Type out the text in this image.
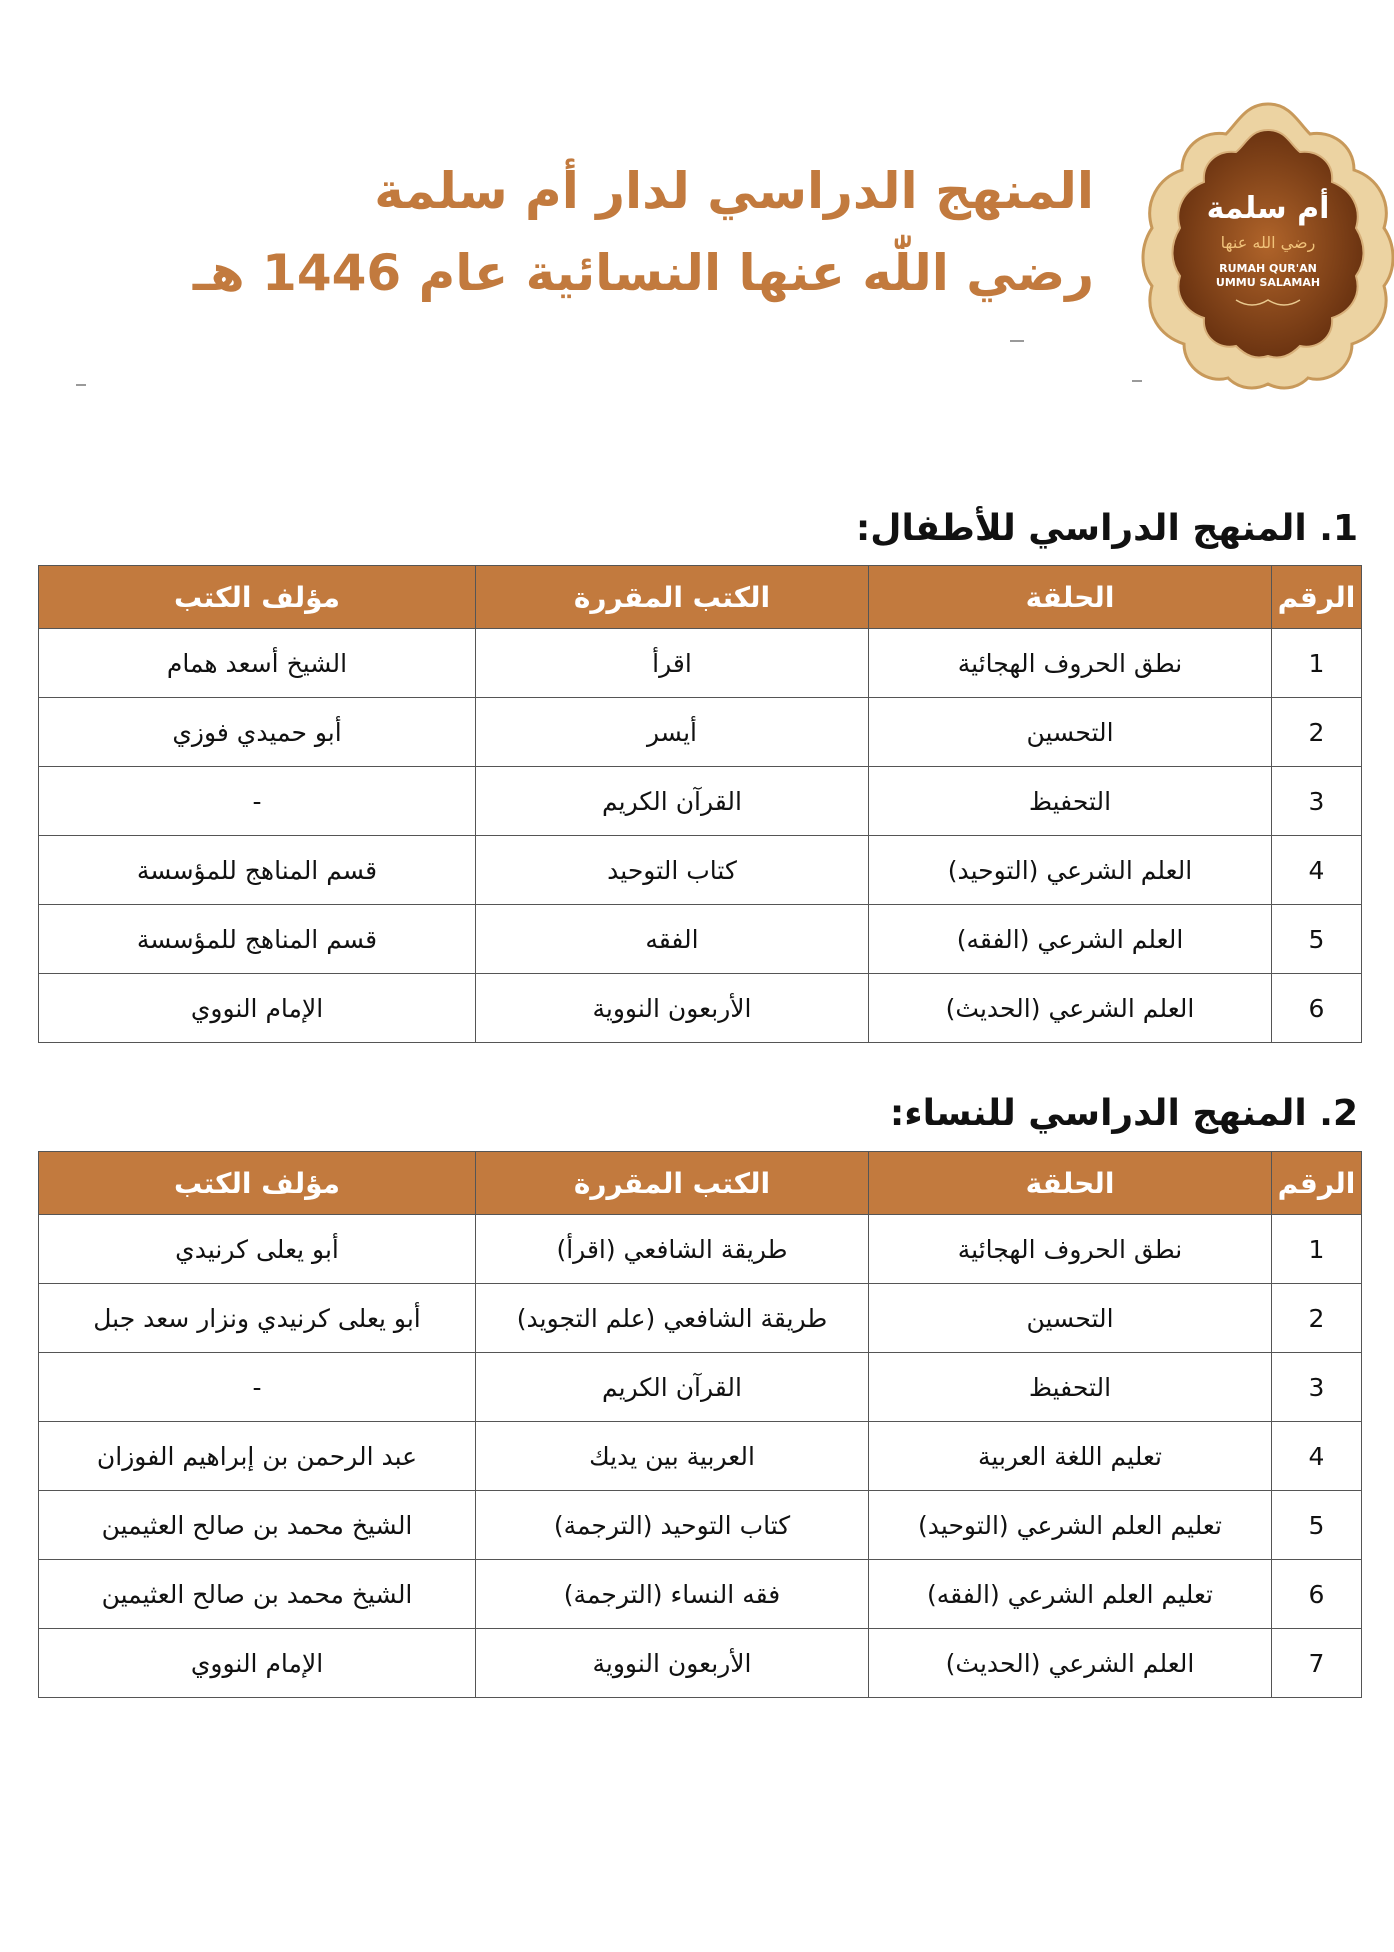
أم سلمة
رضي الله عنها
RUMAH QUR'AN
UMMU SALAMAH
المنهج الدراسي لدار أم سلمة
رضي اللّٰه عنها النسائية عام 1446 هـ
1. المنهج الدراسي للأطفال:
الرقم	الحلقة	الكتب المقررة	مؤلف الكتب
1	نطق الحروف الهجائية	اقرأ	الشيخ أسعد همام
2	التحسين	أيسر	أبو حميدي فوزي
3	التحفيظ	القرآن الكريم	-
4	العلم الشرعي (التوحيد)	كتاب التوحيد	قسم المناهج للمؤسسة
5	العلم الشرعي (الفقه)	الفقه	قسم المناهج للمؤسسة
6	العلم الشرعي (الحديث)	الأربعون النووية	الإمام النووي
2. المنهج الدراسي للنساء:
الرقم	الحلقة	الكتب المقررة	مؤلف الكتب
1	نطق الحروف الهجائية	طريقة الشافعي (اقرأ)	أبو يعلى كرنيدي
2	التحسين	طريقة الشافعي (علم التجويد)	أبو يعلى كرنيدي ونزار سعد جبل
3	التحفيظ	القرآن الكريم	-
4	تعليم اللغة العربية	العربية بين يديك	عبد الرحمن بن إبراهيم الفوزان
5	تعليم العلم الشرعي (التوحيد)	كتاب التوحيد (الترجمة)	الشيخ محمد بن صالح العثيمين
6	تعليم العلم الشرعي (الفقه)	فقه النساء (الترجمة)	الشيخ محمد بن صالح العثيمين
7	العلم الشرعي (الحديث)	الأربعون النووية	الإمام النووي
